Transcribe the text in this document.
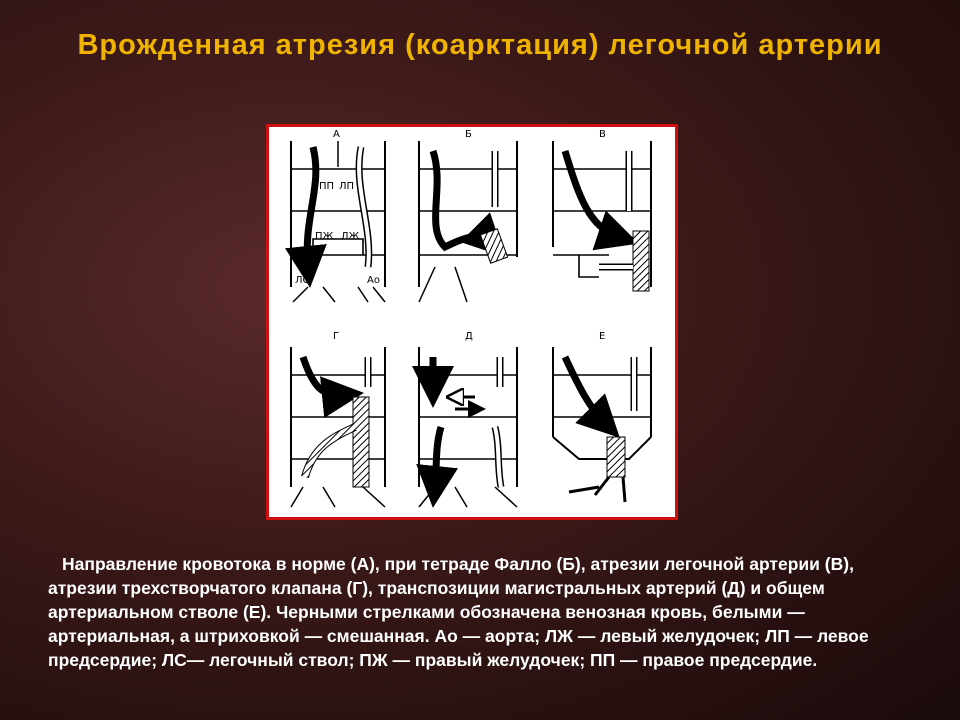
Врожденная атрезия (коарктация) легочной артерии
А
ПП ЛП
ПЖ ЛЖ
ЛС	Ао
Б	В
Г	Д	Е
Направление кровотока в норме (А), при тетраде Фалло (Б), атрезии легочной артерии (В), атрезии трехстворчатого клапана (Г), транспозиции магистральных артерий (Д) и общем артериальном стволе (Е). Черными стрелками обозначена венозная кровь, белыми — артериальная, а штриховкой — смешанная. Ао — аорта; ЛЖ — левый желудочек; ЛП — левое предсердие; ЛС— легочный ствол; ПЖ — правый желудочек; ПП — правое предсердие.
